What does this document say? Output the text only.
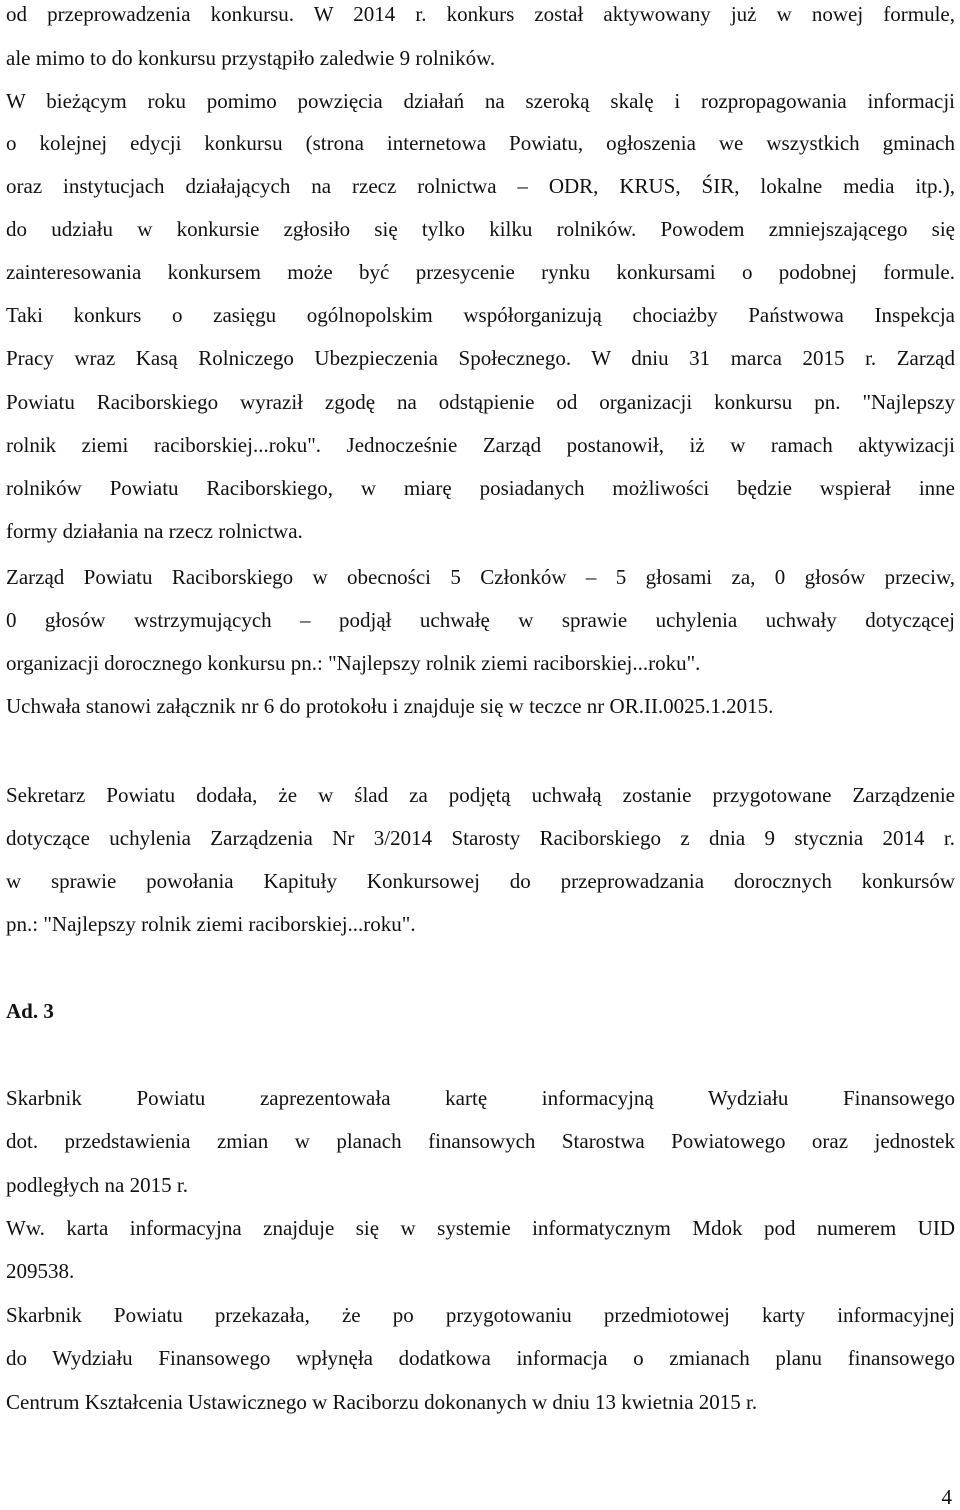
od przeprowadzenia konkursu. W 2014 r. konkurs został aktywowany już w nowej formule,
ale mimo to do konkursu przystąpiło zaledwie 9 rolników.
W bieżącym roku pomimo powzięcia działań na szeroką skalę i rozpropagowania informacji
o kolejnej edycji konkursu (strona internetowa Powiatu, ogłoszenia we wszystkich gminach
oraz instytucjach działających na rzecz rolnictwa – ODR, KRUS, ŚIR, lokalne media itp.),
do udziału w konkursie zgłosiło się tylko kilku rolników. Powodem zmniejszającego się
zainteresowania konkursem może być przesycenie rynku konkursami o podobnej formule.
Taki konkurs o zasięgu ogólnopolskim współorganizują chociażby Państwowa Inspekcja
Pracy wraz Kasą Rolniczego Ubezpieczenia Społecznego. W dniu 31 marca 2015 r. Zarząd
Powiatu Raciborskiego wyraził zgodę na odstąpienie od organizacji konkursu pn. "Najlepszy
rolnik ziemi raciborskiej...roku". Jednocześnie Zarząd postanowił, iż w ramach aktywizacji
rolników Powiatu Raciborskiego, w miarę posiadanych możliwości będzie wspierał inne
formy działania na rzecz rolnictwa.
Zarząd Powiatu Raciborskiego w obecności 5 Członków – 5 głosami za, 0 głosów przeciw,
0 głosów wstrzymujących – podjął uchwałę w sprawie uchylenia uchwały dotyczącej
organizacji dorocznego konkursu pn.: "Najlepszy rolnik ziemi raciborskiej...roku".
Uchwała stanowi załącznik nr 6 do protokołu i znajduje się w teczce nr OR.II.0025.1.2015.
Sekretarz Powiatu dodała, że w ślad za podjętą uchwałą zostanie przygotowane Zarządzenie
dotyczące uchylenia Zarządzenia Nr 3/2014 Starosty Raciborskiego z dnia 9 stycznia 2014 r.
w sprawie powołania Kapituły Konkursowej do przeprowadzania dorocznych konkursów
pn.: "Najlepszy rolnik ziemi raciborskiej...roku".
Ad. 3
Skarbnik Powiatu zaprezentowała kartę informacyjną Wydziału Finansowego
dot. przedstawienia zmian w planach finansowych Starostwa Powiatowego oraz jednostek
podległych na 2015 r.
Ww. karta informacyjna znajduje się w systemie informatycznym Mdok pod numerem UID
209538.
Skarbnik Powiatu przekazała, że po przygotowaniu przedmiotowej karty informacyjnej
do Wydziału Finansowego wpłynęła dodatkowa informacja o zmianach planu finansowego
Centrum Kształcenia Ustawicznego w Raciborzu dokonanych w dniu 13 kwietnia 2015 r.
4
